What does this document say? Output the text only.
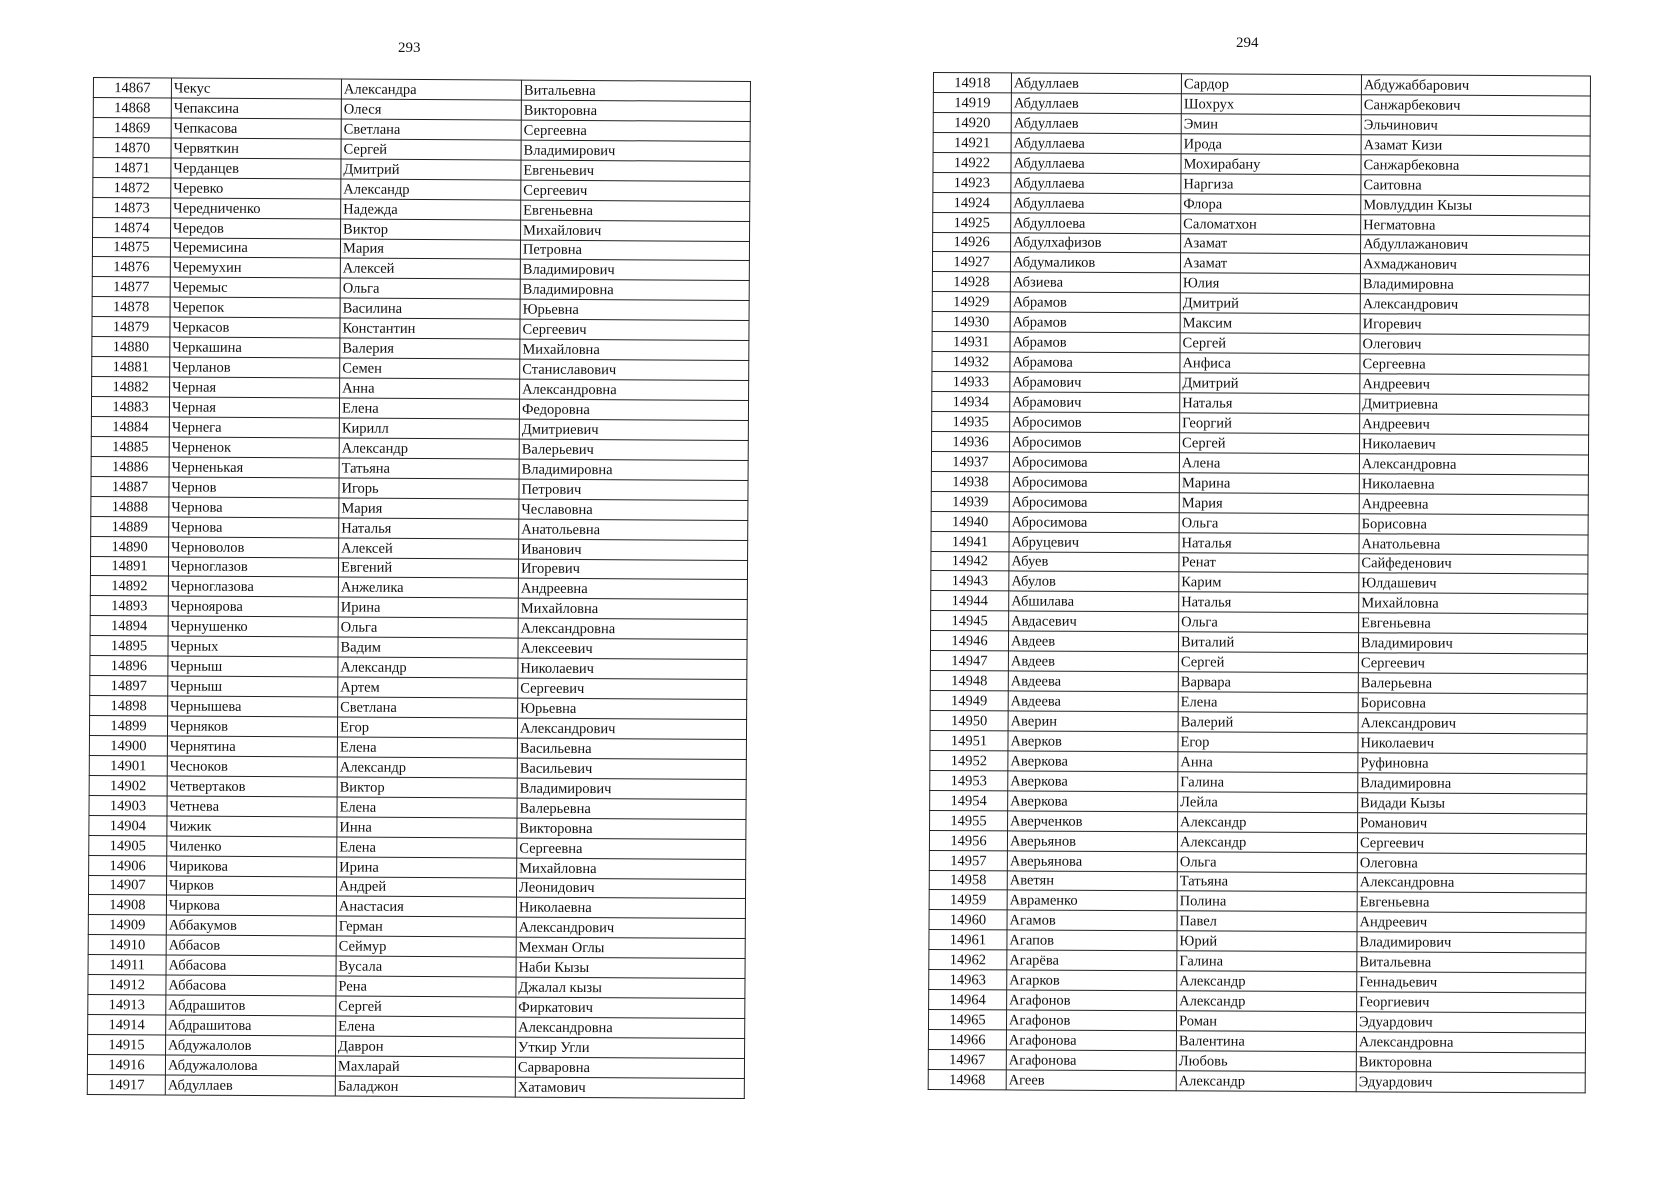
293
14867	Чекус	Александра	Витальевна
14868	Чепаксина	Олеся	Викторовна
14869	Чепкасова	Светлана	Сергеевна
14870	Червяткин	Сергей	Владимирович
14871	Черданцев	Дмитрий	Евгеньевич
14872	Черевко	Александр	Сергеевич
14873	Чередниченко	Надежда	Евгеньевна
14874	Чередов	Виктор	Михайлович
14875	Черемисина	Мария	Петровна
14876	Черемухин	Алексей	Владимирович
14877	Черемыс	Ольга	Владимировна
14878	Черепок	Василина	Юрьевна
14879	Черкасов	Константин	Сергеевич
14880	Черкашина	Валерия	Михайловна
14881	Черланов	Семен	Станиславович
14882	Черная	Анна	Александровна
14883	Черная	Елена	Федоровна
14884	Чернега	Кирилл	Дмитриевич
14885	Черненок	Александр	Валерьевич
14886	Черненькая	Татьяна	Владимировна
14887	Чернов	Игорь	Петрович
14888	Чернова	Мария	Чеславовна
14889	Чернова	Наталья	Анатольевна
14890	Черноволов	Алексей	Иванович
14891	Черноглазов	Евгений	Игоревич
14892	Черноглазова	Анжелика	Андреевна
14893	Черноярова	Ирина	Михайловна
14894	Чернушенко	Ольга	Александровна
14895	Черных	Вадим	Алексеевич
14896	Черныш	Александр	Николаевич
14897	Черныш	Артем	Сергеевич
14898	Чернышева	Светлана	Юрьевна
14899	Черняков	Егор	Александрович
14900	Чернятина	Елена	Васильевна
14901	Чесноков	Александр	Васильевич
14902	Четвертаков	Виктор	Владимирович
14903	Четнева	Елена	Валерьевна
14904	Чижик	Инна	Викторовна
14905	Чиленко	Елена	Сергеевна
14906	Чирикова	Ирина	Михайловна
14907	Чирков	Андрей	Леонидович
14908	Чиркова	Анастасия	Николаевна
14909	Аббакумов	Герман	Александрович
14910	Аббасов	Сеймур	Мехман Оглы
14911	Аббасова	Вусала	Наби Кызы
14912	Аббасова	Рена	Джалал кызы
14913	Абдрашитов	Сергей	Фиркатович
14914	Абдрашитова	Елена	Александровна
14915	Абдужалолов	Даврон	Уткир Угли
14916	Абдужалолова	Махларай	Сарваровна
14917	Абдуллаев	Баладжон	Хатамович
294
14918	Абдуллаев	Сардор	Абдужаббарович
14919	Абдуллаев	Шохрух	Санжарбекович
14920	Абдуллаев	Эмин	Эльчинович
14921	Абдуллаева	Ирода	Азамат Кизи
14922	Абдуллаева	Мохирабану	Санжарбековна
14923	Абдуллаева	Наргиза	Саитовна
14924	Абдуллаева	Флора	Мовлуддин Кызы
14925	Абдуллоева	Саломатхон	Негматовна
14926	Абдулхафизов	Азамат	Абдуллажанович
14927	Абдумаликов	Азамат	Ахмаджанович
14928	Абзиева	Юлия	Владимировна
14929	Абрамов	Дмитрий	Александрович
14930	Абрамов	Максим	Игоревич
14931	Абрамов	Сергей	Олегович
14932	Абрамова	Анфиса	Сергеевна
14933	Абрамович	Дмитрий	Андреевич
14934	Абрамович	Наталья	Дмитриевна
14935	Абросимов	Георгий	Андреевич
14936	Абросимов	Сергей	Николаевич
14937	Абросимова	Алена	Александровна
14938	Абросимова	Марина	Николаевна
14939	Абросимова	Мария	Андреевна
14940	Абросимова	Ольга	Борисовна
14941	Абруцевич	Наталья	Анатольевна
14942	Абуев	Ренат	Сайфеденович
14943	Абулов	Карим	Юлдашевич
14944	Абшилава	Наталья	Михайловна
14945	Авдасевич	Ольга	Евгеньевна
14946	Авдеев	Виталий	Владимирович
14947	Авдеев	Сергей	Сергеевич
14948	Авдеева	Варвара	Валерьевна
14949	Авдеева	Елена	Борисовна
14950	Аверин	Валерий	Александрович
14951	Аверков	Егор	Николаевич
14952	Аверкова	Анна	Руфиновна
14953	Аверкова	Галина	Владимировна
14954	Аверкова	Лейла	Видади Кызы
14955	Аверченков	Александр	Романович
14956	Аверьянов	Александр	Сергеевич
14957	Аверьянова	Ольга	Олеговна
14958	Аветян	Татьяна	Александровна
14959	Авраменко	Полина	Евгеньевна
14960	Агамов	Павел	Андреевич
14961	Агапов	Юрий	Владимирович
14962	Агарёва	Галина	Витальевна
14963	Агарков	Александр	Геннадьевич
14964	Агафонов	Александр	Георгиевич
14965	Агафонов	Роман	Эдуардович
14966	Агафонова	Валентина	Александровна
14967	Агафонова	Любовь	Викторовна
14968	Агеев	Александр	Эдуардович
